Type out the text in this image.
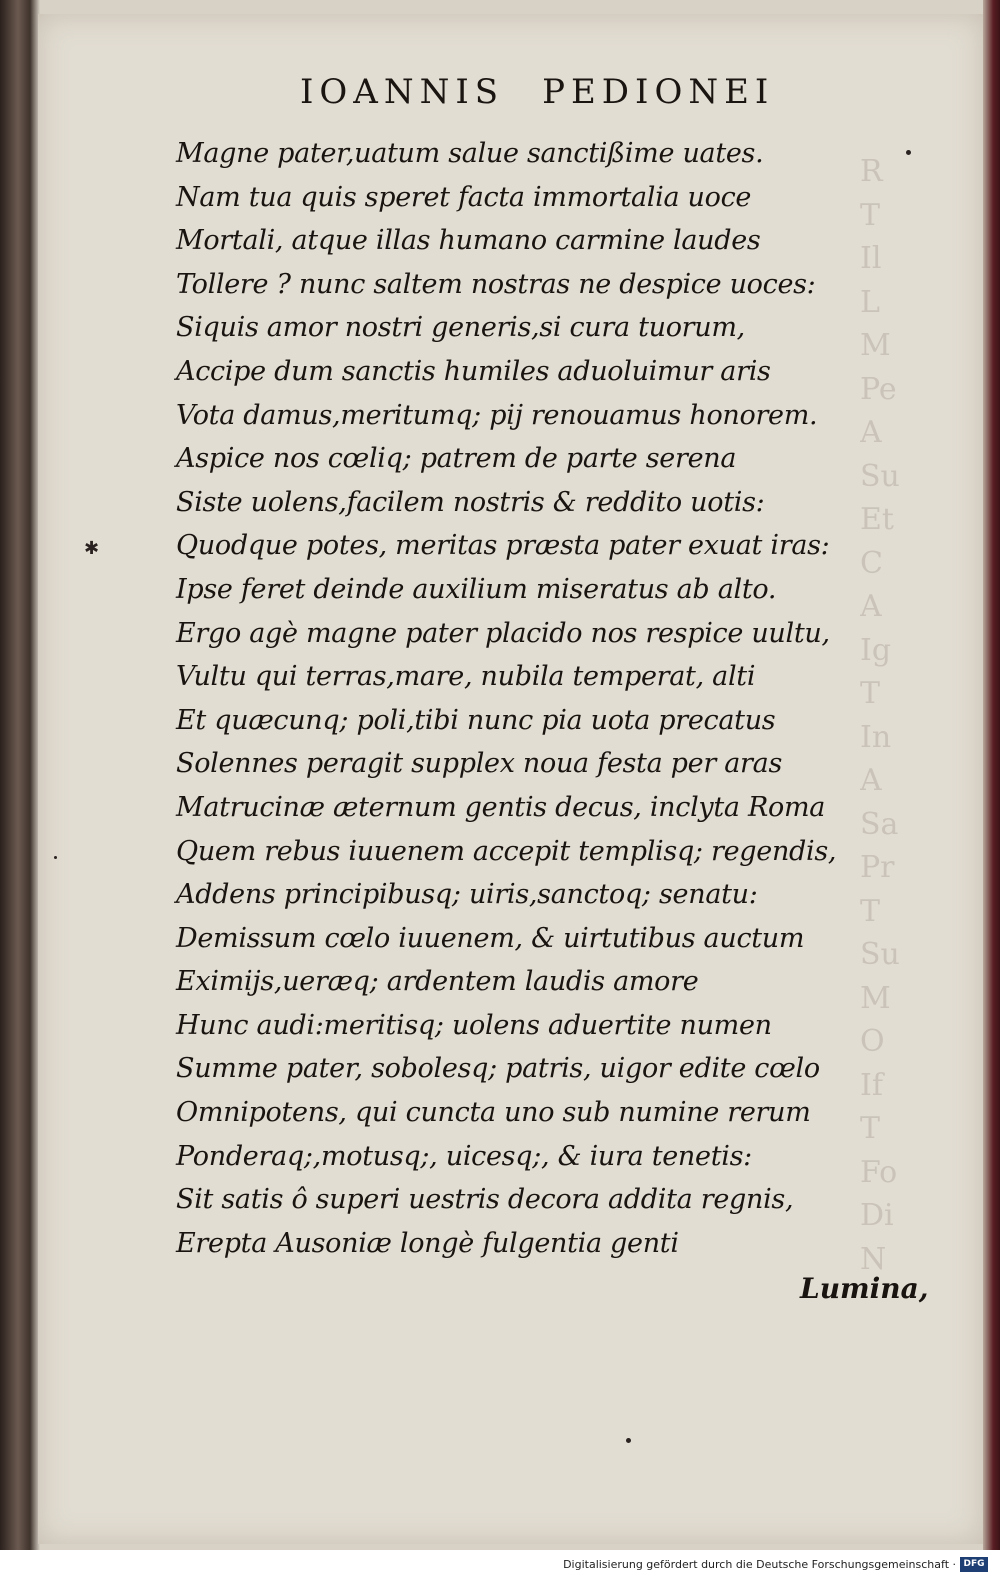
R
T
Il
L
M
Pe
A
Su
Et
C
A
Ig
T
In
A
Sa
Pr
T
Su
M
O
If
T
Fo
Di
N
IOANNIS PEDIONEI
✱
Magne pater,uatum salue sanctißime uates.
Nam tua quis speret facta immortalia uoce
Mortali, atque illas humano carmine laudes
Tollere ? nunc saltem nostras ne despice uoces:
Siquis amor nostri generis,si cura tuorum,
Accipe dum sanctis humiles aduoluimur aris
Vota damus,meritumq; pij renouamus honorem.
Aspice nos cœliq; patrem de parte serena
Siste uolens,facilem nostris & reddito uotis:
Quodque potes, meritas præsta pater exuat iras:
Ipse feret deinde auxilium miseratus ab alto.
Ergo agè magne pater placido nos respice uultu,
Vultu qui terras,mare, nubila temperat, alti
Et quæcunq; poli,tibi nunc pia uota precatus
Solennes peragit supplex noua festa per aras
Matrucinæ æternum gentis decus, inclyta Roma
Quem rebus iuuenem accepit templisq; regendis,
Addens principibusq; uiris,sanctoq; senatu:
Demissum cœlo iuuenem, & uirtutibus auctum
Eximijs,ueræq; ardentem laudis amore
Hunc audi:meritisq; uolens aduertite numen
Summe pater, sobolesq; patris, uigor edite cœlo
Omnipotens, qui cuncta uno sub numine rerum
Ponderaq;,motusq;, uicesq;, & iura tenetis:
Sit satis ô superi uestris decora addita regnis,
Erepta Ausoniæ longè fulgentia genti
Lumina,
Digitalisierung gefördert durch die Deutsche Forschungsgemeinschaft · DFG
